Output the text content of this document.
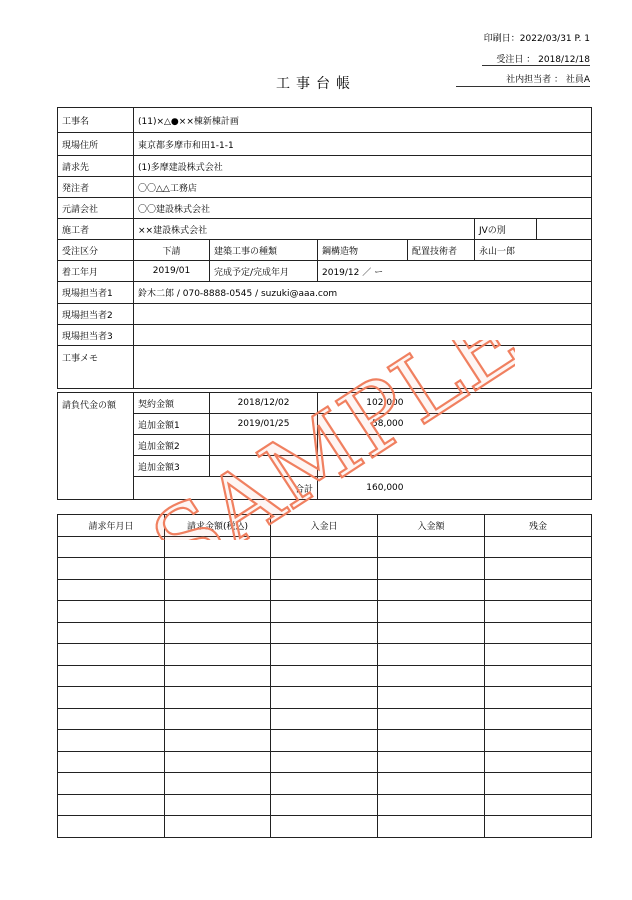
印刷日：2022/03/31 P. 1
受注日 ： 2018/12/18
社内担当者 ： 社員A
工事台帳
工事名	(11)×△●××棟新棟計画					
現場住所	東京都多摩市和田1-1-1					
請求先	(1)多摩建設株式会社					
発注者	〇〇△△工務店					
元請会社	〇〇建設株式会社					
施工者	××建設株式会社				JVの別	
受注区分	下請	建築工事の種類	鋼構造物	配置技術者	永山一郎	
着工年月	2019/01	完成予定/完成年月	2019/12 ／ ー			
現場担当者1	鈴木二郎 / 070-8888-0545 / suzuki@aaa.com					
現場担当者2						
現場担当者3						
工事メモ						
請負代金の額	契約金額	2018/12/02	102,000	
	追加金額1	2019/01/25	58,000	
	追加金額2			
	追加金額3			
	合計		160,000	
請求年月日	請求金額(税込)	入金日	入金額	残金

SAMPLE
